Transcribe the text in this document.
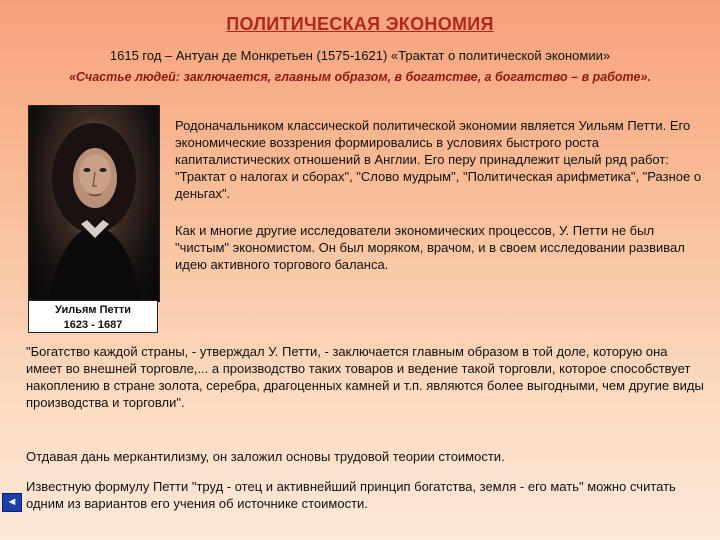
ПОЛИТИЧЕСКАЯ ЭКОНОМИЯ
1615 год – Антуан де Монкретьен (1575-1621) «Трактат о политической экономии»
«Счастье людей: заключается, главным образом, в богатстве, а богатство – в работе».
Уильям Петти
1623 - 1687

Родоначальником классической политической экономии является Уильям Петти. Его экономические воззрения формировались в условиях быстрого роста капиталистических отношений в Англии. Его перу принадлежит целый ряд работ: "Трактат о налогах и сборах", "Слово мудрым", "Политическая арифметика", "Разное о деньгах".

Как и многие другие исследователи экономических процессов, У. Петти не был "чистым" экономистом. Он был моряком, врачом, и в своем исследовании развивал идею активного торгового баланса.

"Богатство каждой страны, - утверждал У. Петти, - заключается главным образом в той доле, которую она имеет во внешней торговле,... а производство таких товаров и ведение такой торговли, которое способствует накоплению в стране золота, серебра, драгоценных камней и т.п. являются более выгодными, чем другие виды производства и торговли".

Отдавая дань меркантилизму, он заложил основы трудовой теории стоимости.

Известную формулу Петти "труд - отец и активнейший принцип богатства, земля - его мать" можно считать одним из вариантов его учения об источнике стоимости.

◄
